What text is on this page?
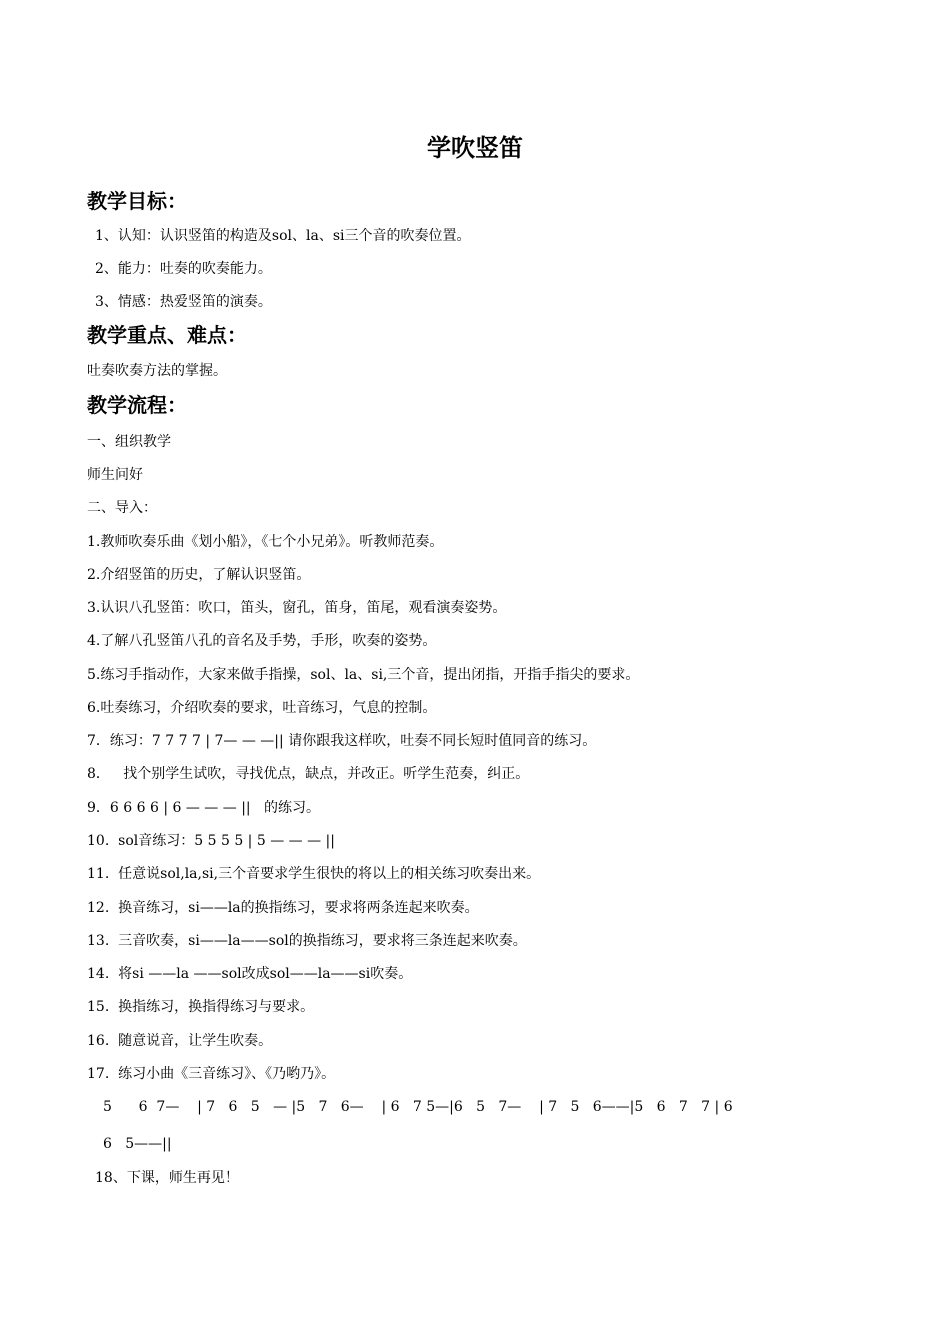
学吹竖笛
教学目标：
1、认知：认识竖笛的构造及sol、la、si三个音的吹奏位置。
2、能力：吐奏的吹奏能力。
3、情感：热爱竖笛的演奏。
教学重点、难点：
吐奏吹奏方法的掌握。
教学流程：
一、组织教学
师生问好
二、导入：
1.教师吹奏乐曲《划小船》，《七个小兄弟》。听教师范奏。
2.介绍竖笛的历史，了解认识竖笛。
3.认识八孔竖笛：吹口，笛头，窗孔，笛身，笛尾，观看演奏姿势。
4.了解八孔竖笛八孔的音名及手势，手形，吹奏的姿势。
5.练习手指动作，大家来做手指操，sol、la、si,三个音，提出闭指，开指手指尖的要求。
6.吐奏练习，介绍吹奏的要求，吐音练习，气息的控制。
7．练习：7 7 7 7 | 7— — —|| 请你跟我这样吹，吐奏不同长短时值同音的练习。
8．   找个别学生试吹，寻找优点，缺点，并改正。听学生范奏，纠正。
9．6 6 6 6 | 6 — — — ||   的练习。
10.  sol音练习：5 5 5 5 | 5 — — — ||
11.  任意说sol,la,si,三个音要求学生很快的将以上的相关练习吹奏出来。
12.  换音练习，si——la的换指练习，要求将两条连起来吹奏。
13.  三音吹奏，si——la——sol的换指练习，要求将三条连起来吹奏。
14.  将si ——la ——sol改成sol——la——si吹奏。
15.  换指练习，换指得练习与要求。
16.  随意说音，让学生吹奏。
17.  练习小曲《三音练习》、《乃哟乃》。
5      6  7—    | 7   6   5   — |5   7   6—    | 6   7 5—|6   5   7—    | 7   5   6——|5   6   7   7 | 6
6   5——||
18、下课，师生再见！
